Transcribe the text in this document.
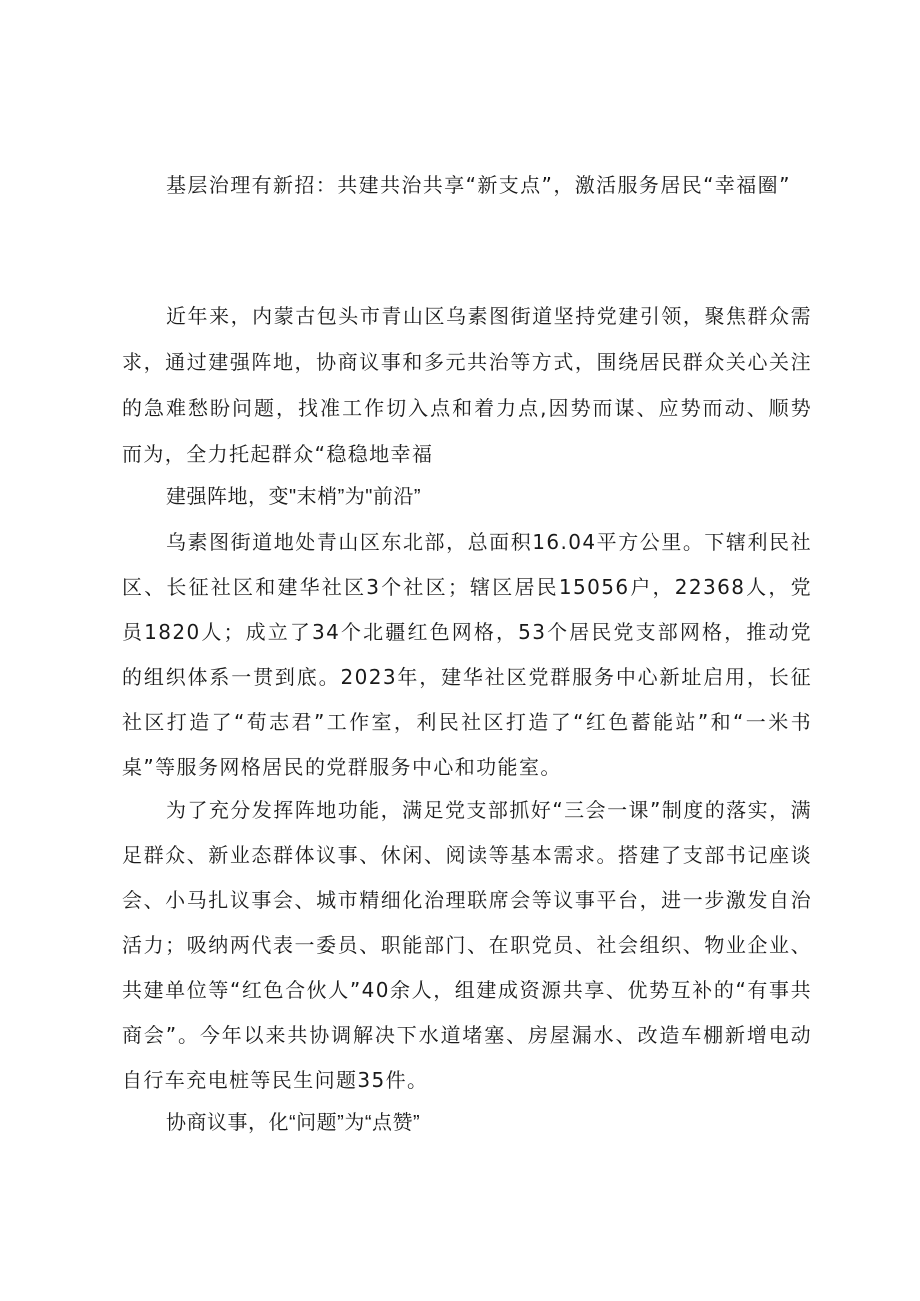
基层治理有新招：共建共治共享“新支点”，激活服务居民“幸福圈”

近年来，内蒙古包头市青山区乌素图街道坚持党建引领，聚焦群众需求，通过建强阵地，协商议事和多元共治等方式，围绕居民群众关心关注的急难愁盼问题，找准工作切入点和着力点,因势而谋、应势而动、顺势而为，全力托起群众“稳稳地幸福

建强阵地，变"末梢”为"前沿”

乌素图街道地处青山区东北部，总面积16.04平方公里。下辖利民社区、长征社区和建华社区3个社区；辖区居民15056户，22368人，党员1820人；成立了34个北疆红色网格，53个居民党支部网格，推动党的组织体系一贯到底。2023年，建华社区党群服务中心新址启用，长征社区打造了“荀志君”工作室，利民社区打造了“红色蓄能站”和“一米书桌”等服务网格居民的党群服务中心和功能室。

为了充分发挥阵地功能，满足党支部抓好“三会一课”制度的落实，满足群众、新业态群体议事、休闲、阅读等基本需求。搭建了支部书记座谈会、小马扎议事会、城市精细化治理联席会等议事平台，进一步激发自治活力；吸纳两代表一委员、职能部门、在职党员、社会组织、物业企业、共建单位等“红色合伙人”40余人，组建成资源共享、优势互补的“有事共商会”。今年以来共协调解决下水道堵塞、房屋漏水、改造车棚新增电动自行车充电桩等民生问题35件。

协商议事，化“问题”为“点赞”
